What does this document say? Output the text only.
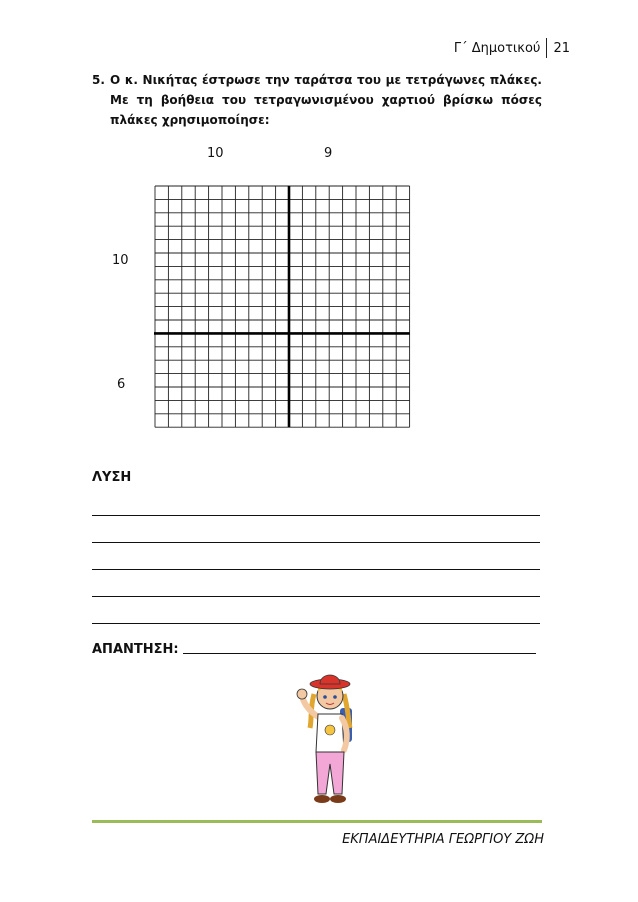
Γ΄ Δημοτικού	21
5. Ο κ. Νικήτας έστρωσε την ταράτσα του με τετράγωνες πλάκες. Με τη βοήθεια του τετραγωνισμένου χαρτιού βρίσκω πόσες πλάκες χρησιμοποίησε:
10	9
10
6
ΛΥΣΗ
ΑΠΑΝΤΗΣΗ:
ΕΚΠΑΙΔΕΥΤΗΡΙΑ ΓΕΩΡΓΙΟΥ ΖΩΗ
